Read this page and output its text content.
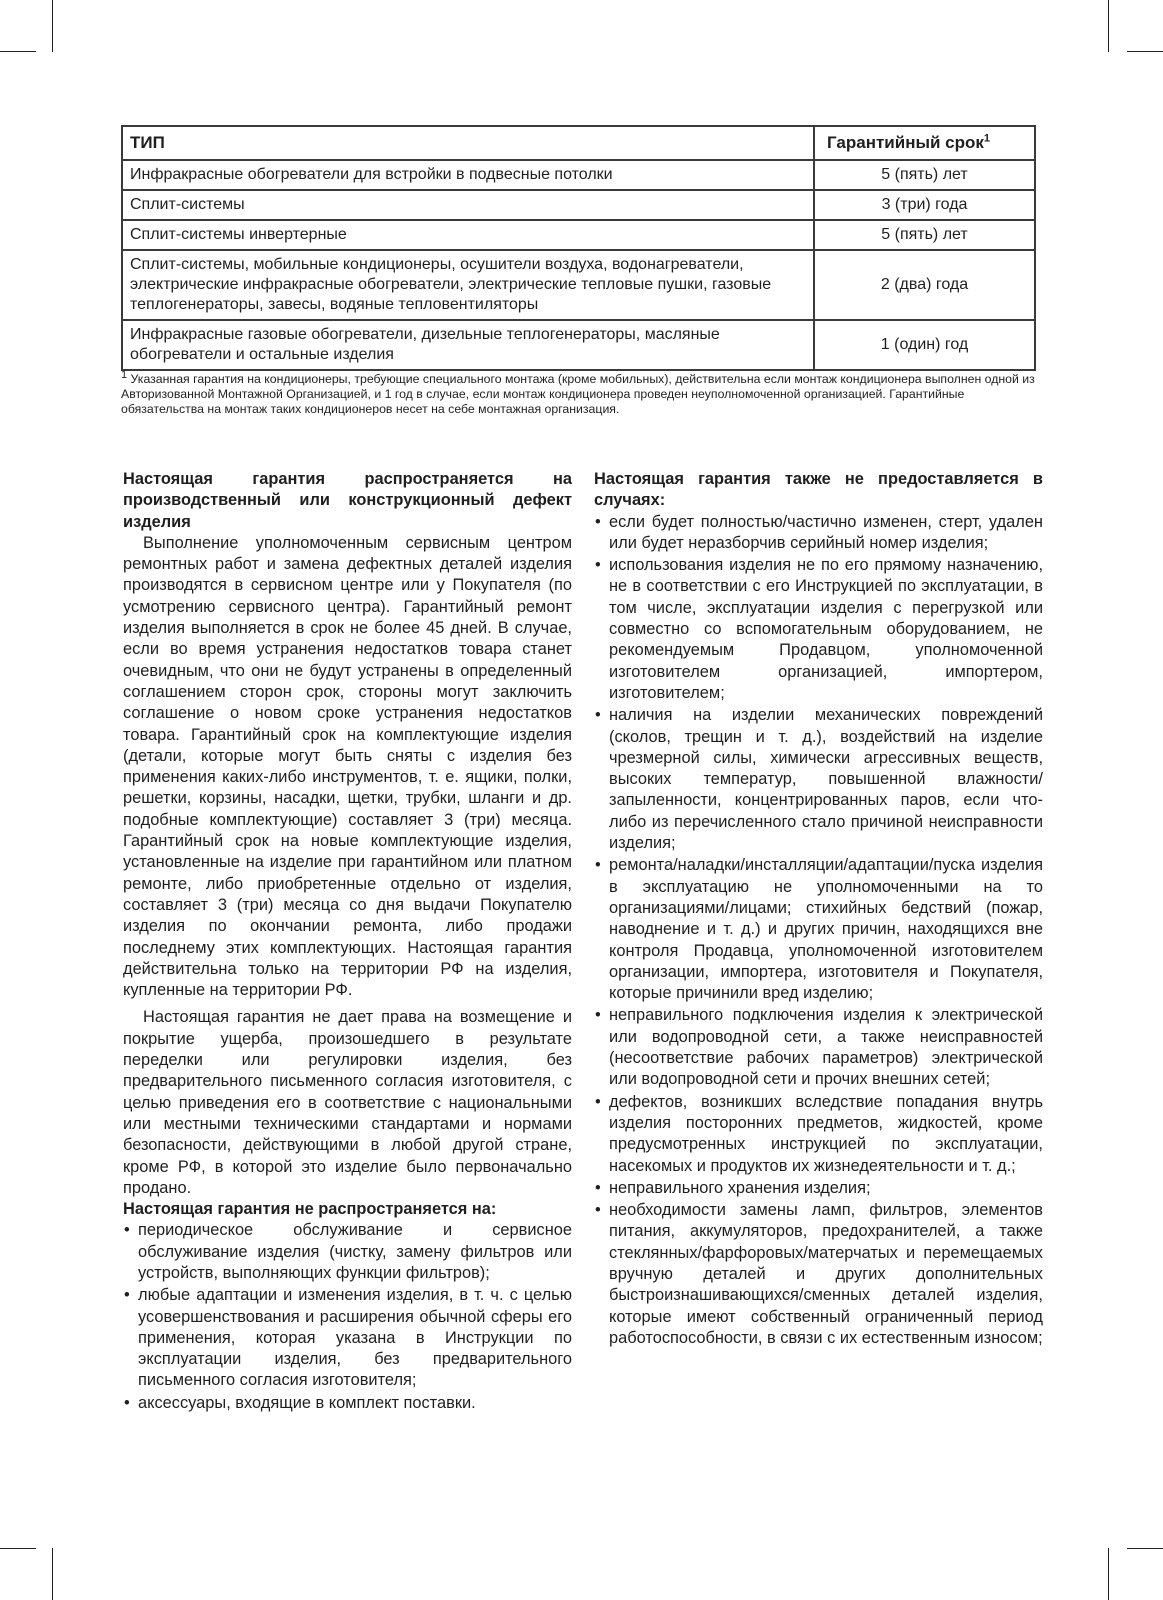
ТИП	Гарантийный срок$^1$
Инфракрасные обогреватели для встройки в подвесные потолки	5 (пять) лет
Сплит-системы	3 (три) года
Сплит-системы инвертерные	5 (пять) лет
Сплит-системы, мобильные кондиционеры, осушители воздуха, водонагреватели, электрические инфракрасные обогреватели, электрические тепловые пушки, газовые теплогенераторы, завесы, водяные тепловентиляторы	2 (два) года
Инфракрасные газовые обогреватели, дизельные теплогенераторы, масляные обогреватели и остальные изделия	1 (один) год

$^1$ Указанная гарантия на кондиционеры, требующие специального монтажа (кроме мобильных), действительна если монтаж кондиционера выполнен одной из Авторизованной Монтажной Организацией, и 1 год в случае, если монтаж кондиционера проведен неуполномоченной организацией. Гарантийные обязательства на монтаж таких кондиционеров несет на себе монтажная организация.

Настоящая гарантия распространяется на производственный или конструкционный дефект изделия

Выполнение уполномоченным сервисным центром ремонтных работ и замена дефектных деталей изделия производятся в сервисном центре или у Покупателя (по усмотрению сервисного центра). Гарантийный ремонт изделия выполняется в срок не более 45 дней. В случае, если во время устранения недостатков товара станет очевидным, что они не будут устранены в определенный соглашением сторон срок, стороны могут заключить соглашение о новом сроке устранения недостатков товара. Гарантийный срок на комплектующие изделия (детали, которые могут быть сняты с изделия без применения каких-либо инструментов, т. е. ящики, полки, решетки, корзины, насадки, щетки, трубки, шланги и др. подобные комплектующие) составляет 3 (три) месяца. Гарантийный срок на новые комплектующие изделия, установленные на изделие при гарантийном или платном ремонте, либо приобретенные отдельно от изделия, составляет 3 (три) месяца со дня выдачи Покупателю изделия по окончании ремонта, либо продажи последнему этих комплектующих. Настоящая гарантия действительна только на территории РФ на изделия, купленные на территории РФ.

Настоящая гарантия не дает права на возмещение и покрытие ущерба, произошедшего в результате переделки или регулировки изделия, без предварительного письменного согласия изготовителя, с целью приведения его в соответствие с национальными или местными техническими стандартами и нормами безопасности, действующими в любой другой стране, кроме РФ, в которой это изделие было первоначально продано.

Настоящая гарантия не распространяется на:

• периодическое обслуживание и сервисное обслуживание изделия (чистку, замену фильтров или устройств, выполняющих функции фильтров);
• любые адаптации и изменения изделия, в т. ч. с целью усовершенствования и расширения обычной сферы его применения, которая указана в Инструкции по эксплуатации изделия, без предварительного письменного согласия изготовителя;
• аксессуары, входящие в комплект поставки.

Настоящая гарантия также не предоставляется в случаях:

• если будет полностью/частично изменен, стерт, удален или будет неразборчив серийный номер изделия;
• использования изделия не по его прямому назначению, не в соответствии с его Инструкцией по эксплуатации, в том числе, эксплуатации изделия с перегрузкой или совместно со вспомогательным оборудованием, не рекомендуемым Продавцом, уполномоченной изготовителем организацией, импортером, изготовителем;
• наличия на изделии механических повреждений (сколов, трещин и т. д.), воздействий на изделие чрезмерной силы, химически агрессивных веществ, высоких температур, повышенной влажности/запыленности, концентрированных паров, если что-либо из перечисленного стало причиной неисправности изделия;
• ремонта/наладки/инсталляции/адаптации/пуска изделия в эксплуатацию не уполномоченными на то организациями/лицами; стихийных бедствий (пожар, наводнение и т. д.) и других причин, находящихся вне контроля Продавца, уполномоченной изготовителем организации, импортера, изготовителя и Покупателя, которые причинили вред изделию;
• неправильного подключения изделия к электрической или водопроводной сети, а также неисправностей (несоответствие рабочих параметров) электрической или водопроводной сети и прочих внешних сетей;
• дефектов, возникших вследствие попадания внутрь изделия посторонних предметов, жидкостей, кроме предусмотренных инструкцией по эксплуатации, насекомых и продуктов их жизнедеятельности и т. д.;
• неправильного хранения изделия;
• необходимости замены ламп, фильтров, элементов питания, аккумуляторов, предохранителей, а также стеклянных/фарфоровых/матерчатых и перемещаемых вручную деталей и других дополнительных быстроизнашивающихся/сменных деталей изделия, которые имеют собственный ограниченный период работоспособности, в связи с их естественным износом;
